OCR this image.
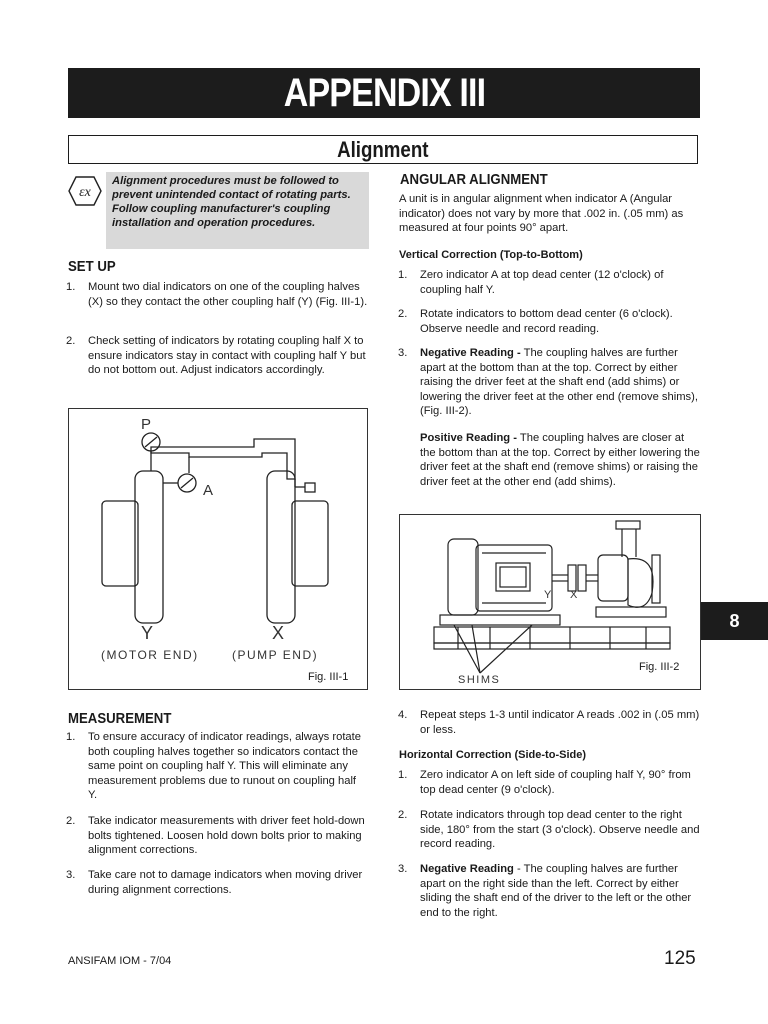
APPENDIX III
Alignment
εx
Alignment procedures must be followed to prevent unintended contact of rotating parts. Follow coupling manufacturer's coupling installation and operation procedures.
SET UP
1. Mount two dial indicators on one of the coupling halves (X) so they contact the other coupling half (Y) (Fig. III-1).
2. Check setting of indicators by rotating coupling half X to ensure indicators stay in contact with coupling half Y but do not bottom out. Adjust indicators accordingly.
P
A
Y	X
(MOTOR END)	(PUMP END)
Fig. III-1
MEASUREMENT
1. To ensure accuracy of indicator readings, always rotate both coupling halves together so indicators contact the same point on coupling half Y. This will eliminate any measurement problems due to runout on coupling half Y.
2. Take indicator measurements with driver feet hold-down bolts tightened. Loosen hold down bolts prior to making alignment corrections.
3. Take care not to damage indicators when moving driver during alignment corrections.
ANGULAR ALIGNMENT
A unit is in angular alignment when indicator A (Angular indicator) does not vary by more that .002 in. (.05 mm) as measured at four points 90° apart.
Vertical Correction (Top-to-Bottom)
1. Zero indicator A at top dead center (12 o'clock) of coupling half Y.
2. Rotate indicators to bottom dead center (6 o'clock). Observe needle and record reading.
3. Negative Reading - The coupling halves are further apart at the bottom than at the top. Correct by either raising the driver feet at the shaft end (add shims) or lowering the driver feet at the other end (remove shims), (Fig. III-2).
Positive Reading - The coupling halves are closer at the bottom than at the top. Correct by either lowering the driver feet at the shaft end (remove shims) or raising the driver feet at the other end (add shims).
Y X
SHIMS
Fig. III-2
8
4. Repeat steps 1-3 until indicator A reads .002 in (.05 mm) or less.
Horizontal Correction (Side-to-Side)
1. Zero indicator A on left side of coupling half Y, 90° from top dead center (9 o'clock).
2. Rotate indicators through top dead center to the right side, 180° from the start (3 o'clock). Observe needle and record reading.
3. Negative Reading - The coupling halves are further apart on the right side than the left. Correct by either sliding the shaft end of the driver to the left or the other end to the right.
ANSIFAM IOM - 7/04	125
